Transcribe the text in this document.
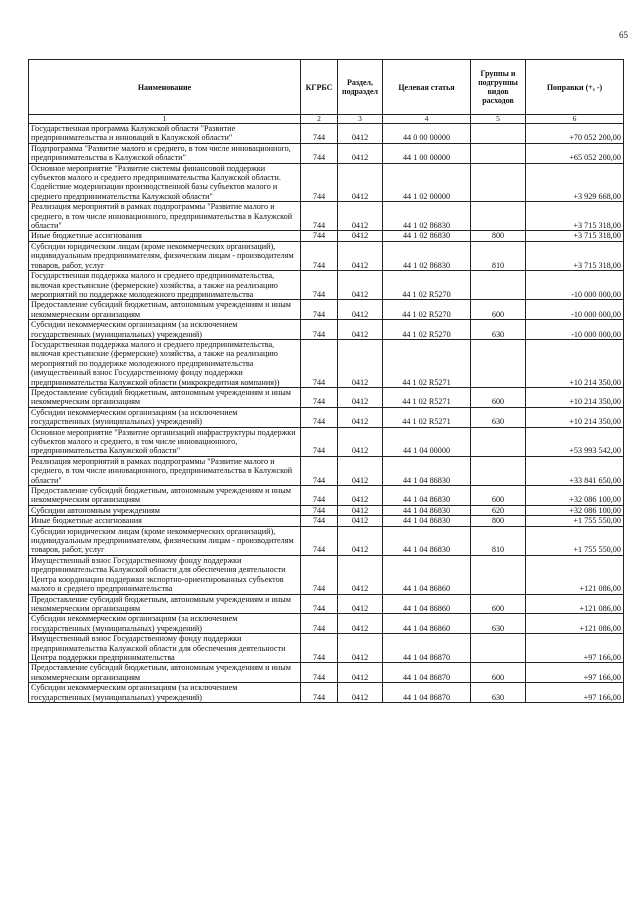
65
Наименование	КГРБС	Раздел, подраздел	Целевая статья	Группы и подгруппы видов расходов	Поправки (+, -)
1	2	3	4	5	6
Государственная программа Калужской области "Развитие предпринимательства и инноваций в Калужской области"	744	0412	44 0 00 00000		+70 052 200,00
Подпрограмма "Развитие малого и среднего, в том числе инновационного, предпринимательства в Калужской области"	744	0412	44 1 00 00000		+65 052 200,00
Основное мероприятие "Развитие системы финансовой поддержки субъектов малого и среднего предпринимательства Калужской области. Содействие модернизации производственной базы субъектов малого и среднего предпринимательства Калужской области"	744	0412	44 1 02 00000		+3 929 668,00
Реализация мероприятий в рамках подпрограммы "Развитие малого и среднего, в том числе инновационного, предпринимательства в Калужской области"	744	0412	44 1 02 86830		+3 715 318,00
Иные бюджетные ассигнования	744	0412	44 1 02 86830	800	+3 715 318,00
Субсидии юридическим лицам (кроме некоммерческих организаций), индивидуальным предпринимателям, физическим лицам - производителям товаров, работ, услуг	744	0412	44 1 02 86830	810	+3 715 318,00
Государственная поддержка малого и среднего предпринимательства, включая крестьянские (фермерские) хозяйства, а также на реализацию мероприятий по поддержке молодежного предпринимательства	744	0412	44 1 02 R5270		-10 000 000,00
Предоставление субсидий бюджетным, автономным учреждениям и иным некоммерческим организациям	744	0412	44 1 02 R5270	600	-10 000 000,00
Субсидии некоммерческим организациям (за исключением государственных (муниципальных) учреждений)	744	0412	44 1 02 R5270	630	-10 000 000,00
Государственная поддержка малого и среднего предпринимательства, включая крестьянские (фермерские) хозяйства, а также на реализацию мероприятий по поддержке молодежного предпринимательства (имущественный взнос Государственному фонду поддержки предпринимательства Калужской области (микрокредитная компания))	744	0412	44 1 02 R5271		+10 214 350,00
Предоставление субсидий бюджетным, автономным учреждениям и иным некоммерческим организациям	744	0412	44 1 02 R5271	600	+10 214 350,00
Субсидии некоммерческим организациям (за исключением государственных (муниципальных) учреждений)	744	0412	44 1 02 R5271	630	+10 214 350,00
Основное мероприятие "Развитие организаций инфраструктуры поддержки субъектов малого и среднего, в том числе инновационного, предпринимательства Калужской области"	744	0412	44 1 04 00000		+53 993 542,00
Реализация мероприятий в рамках подпрограммы "Развитие малого и среднего, в том числе инновационного, предпринимательства в Калужской области"	744	0412	44 1 04 86830		+33 841 650,00
Предоставление субсидий бюджетным, автономным учреждениям и иным некоммерческим организациям	744	0412	44 1 04 86830	600	+32 086 100,00
Субсидии автономным учреждениям	744	0412	44 1 04 86830	620	+32 086 100,00
Иные бюджетные ассигнования	744	0412	44 1 04 86830	800	+1 755 550,00
Субсидии юридическим лицам (кроме некоммерческих организаций), индивидуальным предпринимателям, физическим лицам - производителям товаров, работ, услуг	744	0412	44 1 04 86830	810	+1 755 550,00
Имущественный взнос Государственному фонду поддержки предпринимательства Калужской области для обеспечения деятельности Центра координации поддержки экспортно-ориентированных субъектов малого и среднего предпринимательства	744	0412	44 1 04 86860		+121 086,00
Предоставление субсидий бюджетным, автономным учреждениям и иным некоммерческим организациям	744	0412	44 1 04 86860	600	+121 086,00
Субсидии некоммерческим организациям (за исключением государственных (муниципальных) учреждений)	744	0412	44 1 04 86860	630	+121 086,00
Имущественный взнос Государственному фонду поддержки предпринимательства Калужской области для обеспечения деятельности Центра поддержки предпринимательства	744	0412	44 1 04 86870		+97 166,00
Предоставление субсидий бюджетным, автономным учреждениям и иным некоммерческим организациям	744	0412	44 1 04 86870	600	+97 166,00
Субсидии некоммерческим организациям (за исключением государственных (муниципальных) учреждений)	744	0412	44 1 04 86870	630	+97 166,00
